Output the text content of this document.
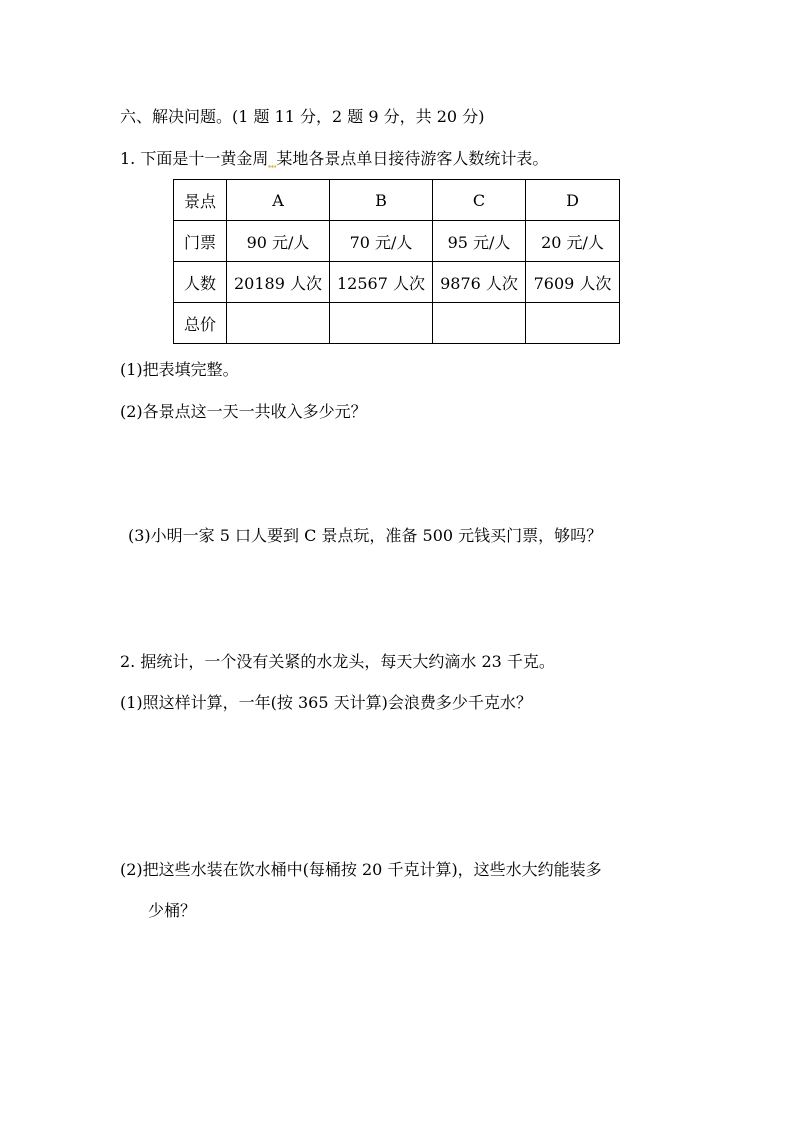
六、解决问题。(1 题 11 分，2 题 9 分，共 20 分)
1. 下面是十一黄金周 某地各景点单日接待游客人数统计表。
景点	A	B	C	D
门票	90 元/人	70 元/人	95 元/人	20 元/人
人数	20189 人次	12567 人次	9876 人次	7609 人次
总价				
(1)把表填完整。
(2)各景点这一天一共收入多少元？
(3)小明一家 5 口人要到 C 景点玩，准备 500 元钱买门票，够吗？
2. 据统计，一个没有关紧的水龙头，每天大约滴水 23 千克。
(1)照这样计算，一年(按 365 天计算)会浪费多少千克水？
(2)把这些水装在饮水桶中(每桶按 20 千克计算)，这些水大约能装多
少桶？
